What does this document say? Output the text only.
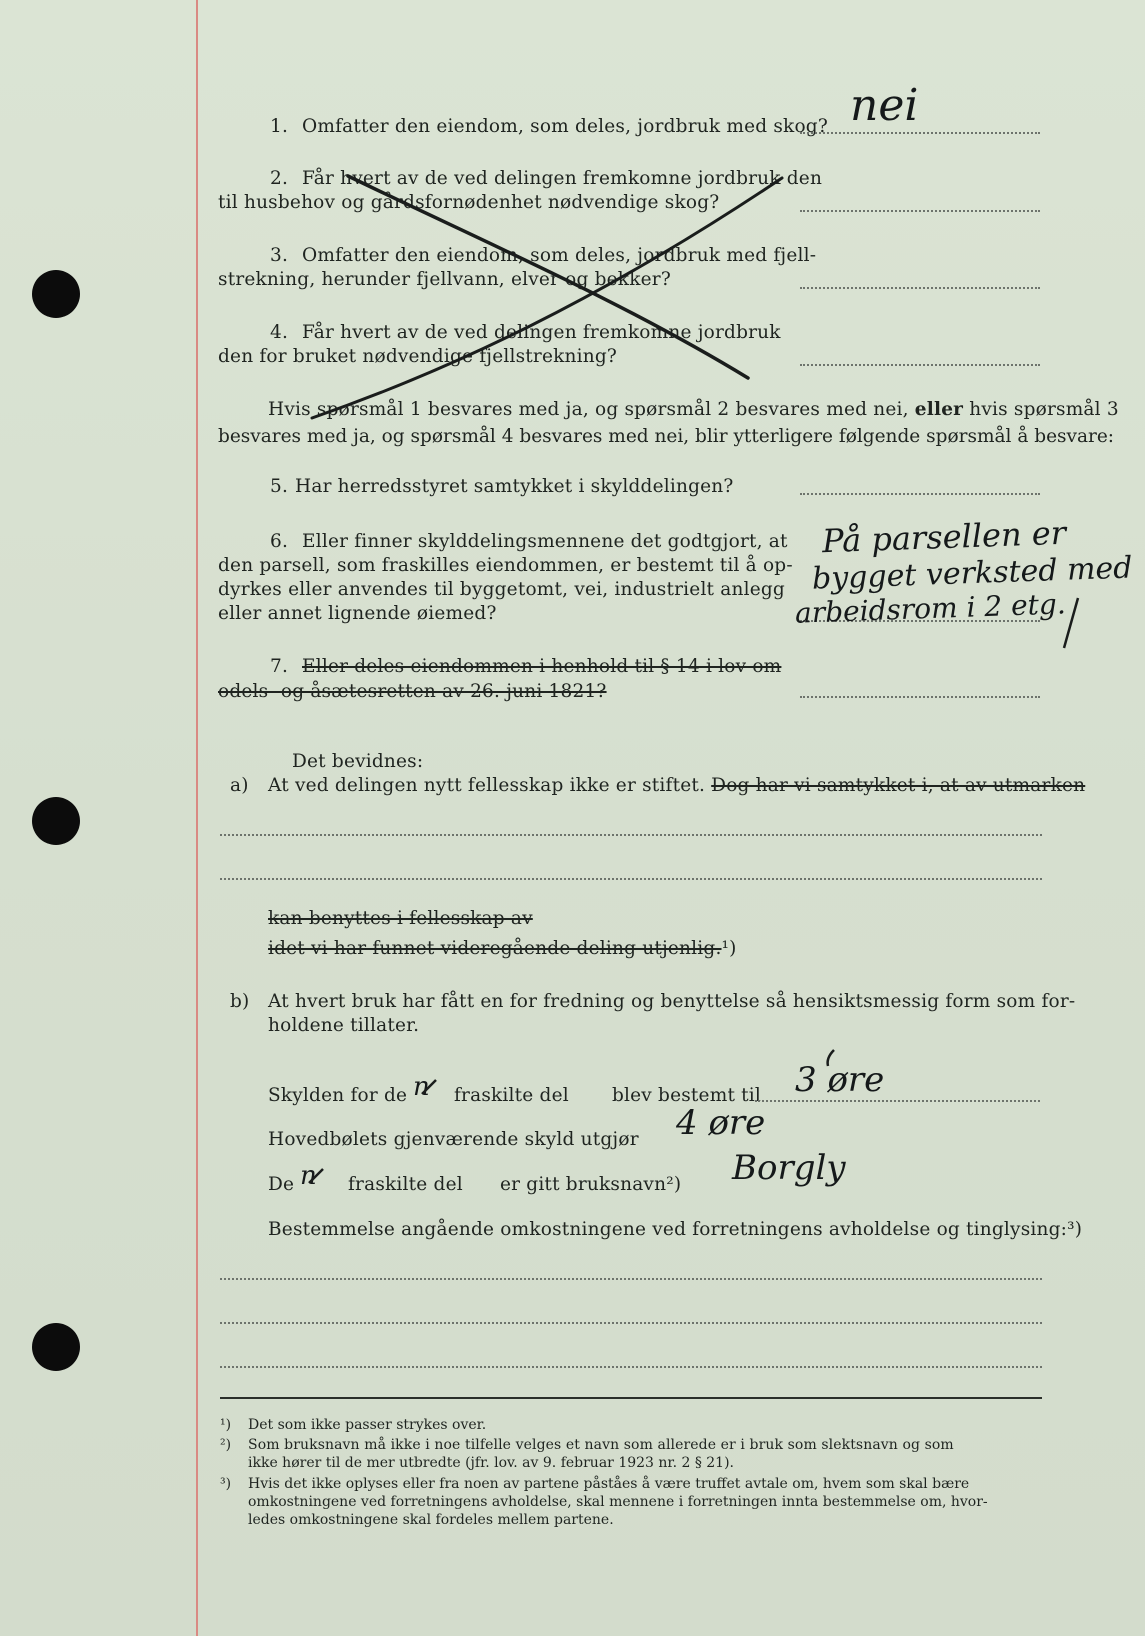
1. Omfatter den eiendom, som deles, jordbruk med skog? nei
2. Får hvert av de ved delingen fremkomne jordbruk den
til husbehov og gårdsfornødenhet nødvendige skog?
3. Omfatter den eiendom, som deles, jordbruk med fjell-
strekning, herunder fjellvann, elver og bekker?
4. Får hvert av de ved delingen fremkomne jordbruk
den for bruket nødvendige fjellstrekning?
Hvis spørsmål 1 besvares med ja, og spørsmål 2 besvares med nei, eller hvis spørsmål 3
besvares med ja, og spørsmål 4 besvares med nei, blir ytterligere følgende spørsmål å besvare:
5. Har herredsstyret samtykket i skylddelingen?
6. Eller finner skylddelingsmennene det godtgjort, at
den parsell, som fraskilles eiendommen, er bestemt til å op-
dyrkes eller anvendes til byggetomt, vei, industrielt anlegg
eller annet lignende øiemed?
På parsellen er
bygget verksted med
arbeidsrom i 2 etg.
7. Eller deles eiendommen i henhold til § 14 i lov om
odels- og åsætesretten av 26. juni 1821?
Det bevidnes:
a) At ved delingen nytt fellesskap ikke er stiftet. Dog har vi samtykket i, at av utmarken
kan benyttes i fellesskap av
idet vi har funnet videregående deling utjenlig.¹)
b) At hvert bruk har fått en for fredning og benyttelse så hensiktsmessig form som for-
holdene tillater.
Skylden for de n fraskilte del blev bestemt til 3 øre
Hovedbølets gjenværende skyld utgjør 4 øre
De n fraskilte del er gitt bruksnavn²) Borgly
Bestemmelse angående omkostningene ved forretningens avholdelse og tinglysing:³)
¹) Det som ikke passer strykes over.
²) Som bruksnavn må ikke i noe tilfelle velges et navn som allerede er i bruk som slektsnavn og som
ikke hører til de mer utbredte (jfr. lov. av 9. februar 1923 nr. 2 § 21).
³) Hvis det ikke oplyses eller fra noen av partene påståes å være truffet avtale om, hvem som skal bære
omkostningene ved forretningens avholdelse, skal mennene i forretningen innta bestemmelse om, hvor-
ledes omkostningene skal fordeles mellem partene.
